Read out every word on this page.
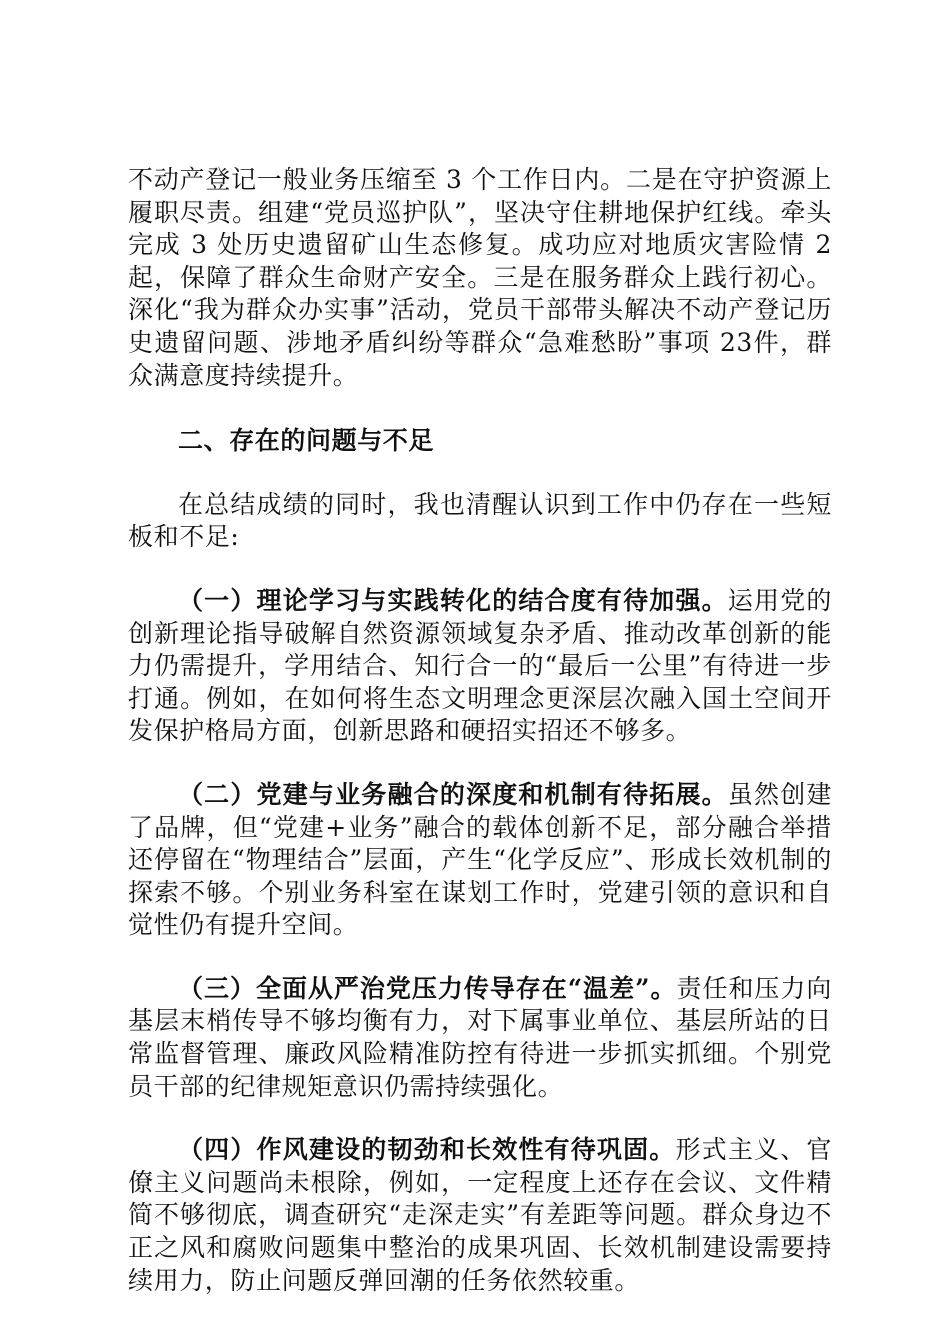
不动产登记一般业务压缩至 3 个工作日内。二是在守护资源上履职尽责。组建“党员巡护队”，坚决守住耕地保护红线。牵头完成 3 处历史遗留矿山生态修复。成功应对地质灾害险情 2 起，保障了群众生命财产安全。三是在服务群众上践行初心。深化“我为群众办实事”活动，党员干部带头解决不动产登记历史遗留问题、涉地矛盾纠纷等群众“急难愁盼”事项 23件，群众满意度持续提升。

二、存在的问题与不足

在总结成绩的同时，我也清醒认识到工作中仍存在一些短板和不足:

（一）理论学习与实践转化的结合度有待加强。运用党的创新理论指导破解自然资源领域复杂矛盾、推动改革创新的能力仍需提升，学用结合、知行合一的“最后一公里”有待进一步打通。例如，在如何将生态文明理念更深层次融入国土空间开发保护格局方面，创新思路和硬招实招还不够多。

（二）党建与业务融合的深度和机制有待拓展。虽然创建了品牌，但“党建+业务”融合的载体创新不足，部分融合举措还停留在“物理结合”层面，产生“化学反应”、形成长效机制的探索不够。个别业务科室在谋划工作时，党建引领的意识和自觉性仍有提升空间。

（三）全面从严治党压力传导存在“温差”。责任和压力向基层末梢传导不够均衡有力，对下属事业单位、基层所站的日常监督管理、廉政风险精准防控有待进一步抓实抓细。个别党员干部的纪律规矩意识仍需持续强化。

（四）作风建设的韧劲和长效性有待巩固。形式主义、官僚主义问题尚未根除，例如，一定程度上还存在会议、文件精简不够彻底，调查研究“走深走实”有差距等问题。群众身边不正之风和腐败问题集中整治的成果巩固、长效机制建设需要持续用力，防止问题反弹回潮的任务依然较重。
